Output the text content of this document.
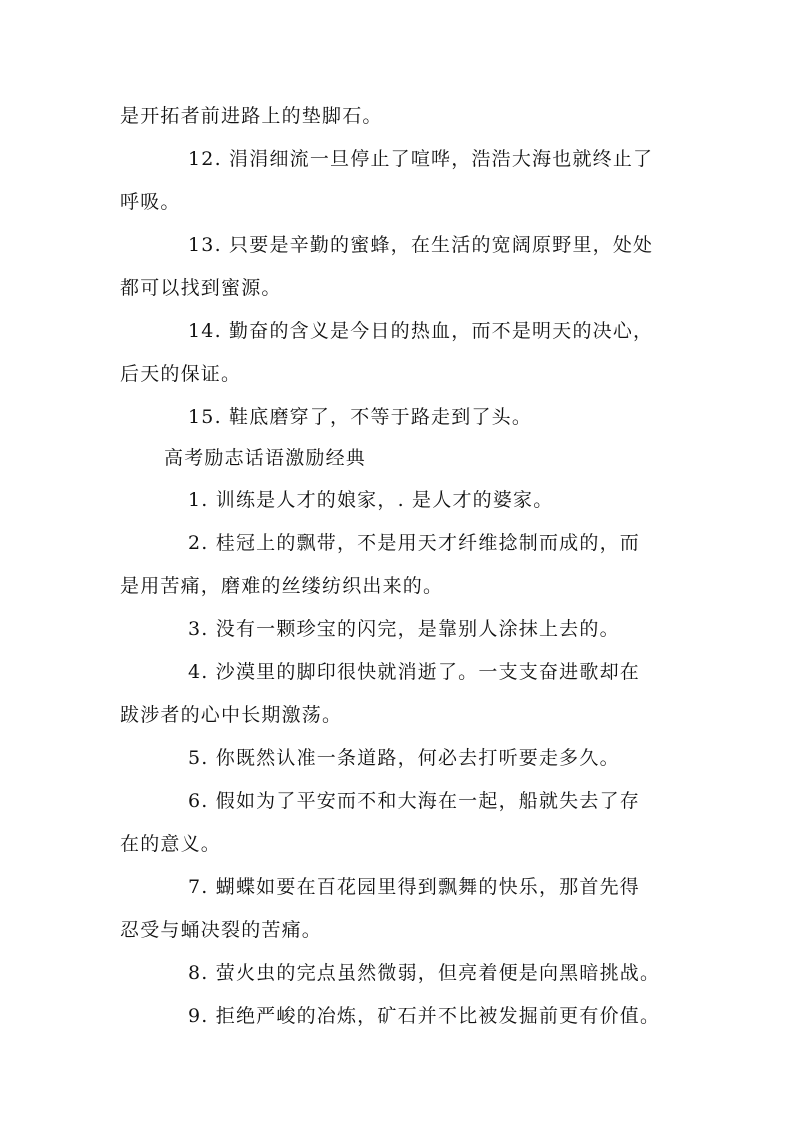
是开拓者前进路上的垫脚石。
12. 涓涓细流一旦停止了喧哗，浩浩大海也就终止了
呼吸。
13. 只要是辛勤的蜜蜂，在生活的宽阔原野里，处处
都可以找到蜜源。
14. 勤奋的含义是今日的热血，而不是明天的决心，
后天的保证。
15. 鞋底磨穿了，不等于路走到了头。
高考励志话语激励经典
1. 训练是人才的娘家，. 是人才的婆家。
2. 桂冠上的飘带，不是用天才纤维捻制而成的，而
是用苦痛，磨难的丝缕纺织出来的。
3. 没有一颗珍宝的闪完，是靠别人涂抹上去的。
4. 沙漠里的脚印很快就消逝了。一支支奋进歌却在
跋涉者的心中长期激荡。
5. 你既然认准一条道路，何必去打听要走多久。
6. 假如为了平安而不和大海在一起，船就失去了存
在的意义。
7. 蝴蝶如要在百花园里得到飘舞的快乐，那首先得
忍受与蛹决裂的苦痛。
8. 萤火虫的完点虽然微弱，但亮着便是向黑暗挑战。
9. 拒绝严峻的冶炼，矿石并不比被发掘前更有价值。
